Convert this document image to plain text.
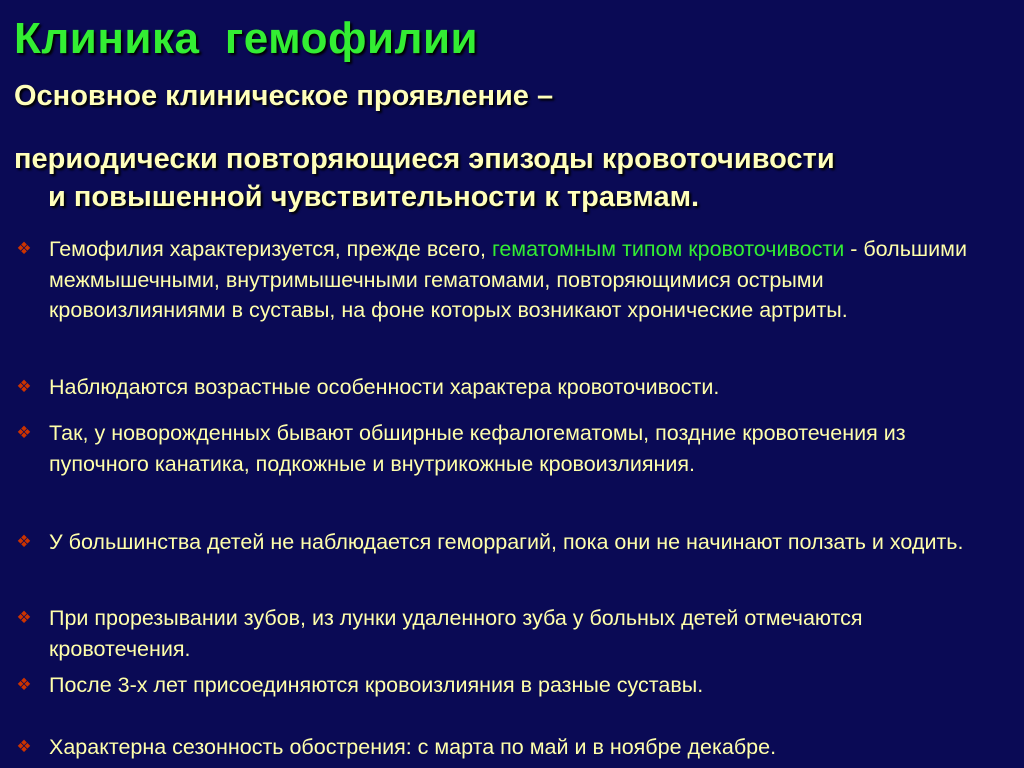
Клиника  гемофилии
Основное клиническое проявление –
периодически повторяющиеся эпизоды кровоточивости
и повышенной чувствительности к травмам.
❖ Гемофилия характеризуется, прежде всего, гематомным типом кровоточивости - большими межмышечными, внутримышечными гематомами, повторяющимися острыми кровоизлияниями в суставы, на фоне которых возникают хронические артриты.
❖ Наблюдаются возрастные особенности характера кровоточивости.
❖ Так, у новорожденных бывают обширные кефалогематомы, поздние кровотечения из пупочного канатика, подкожные и внутрикожные кровоизлияния.
❖ У большинства детей не наблюдается геморрагий, пока они не начинают ползать и ходить.
❖ При прорезывании зубов, из лунки удаленного зуба у больных детей отмечаются кровотечения.
❖ После 3-х лет присоединяются кровоизлияния в разные суставы.
❖ Характерна сезонность обострения: с марта по май и в ноябре декабре.
